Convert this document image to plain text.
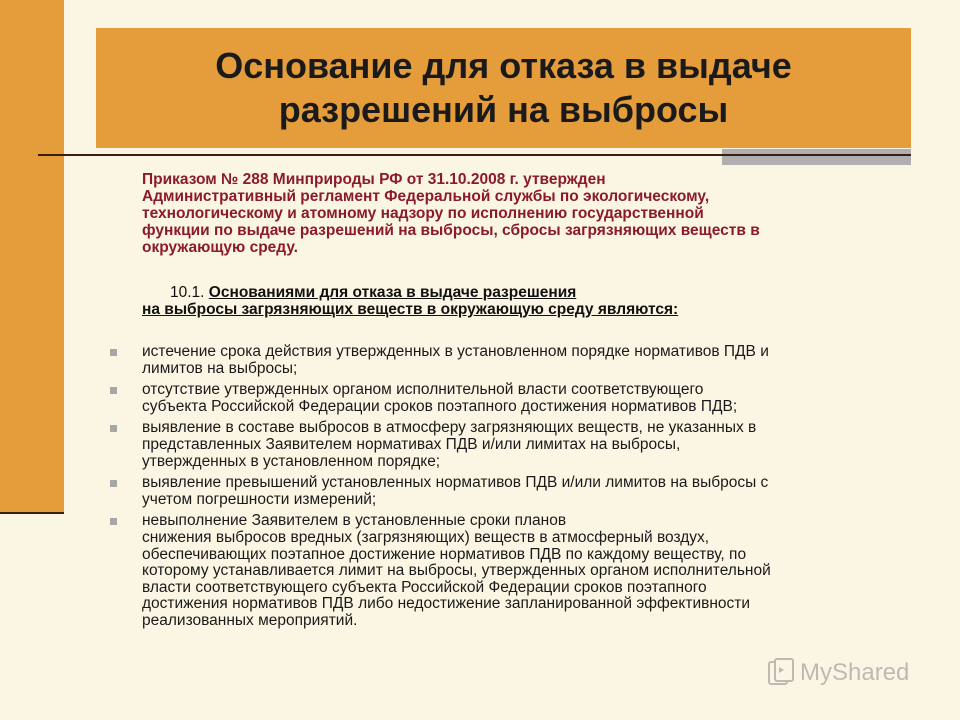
Основание для отказа в выдаче
разрешений на выбросы

Приказом № 288 Минприроды РФ от 31.10.2008 г. утвержден
Административный регламент Федеральной службы по экологическому,
технологическому и атомному надзору по исполнению государственной
функции по выдаче разрешений на выбросы, сбросы загрязняющих веществ в
окружающую среду.

10.1. Основаниями для отказа в выдаче разрешения
на выбросы загрязняющих веществ в окружающую среду являются:
истечение срока действия утвержденных в установленном порядке нормативов ПДВ и
лимитов на выбросы;
отсутствие утвержденных органом исполнительной власти соответствующего
субъекта Российской Федерации сроков поэтапного достижения нормативов ПДВ;
выявление в составе выбросов в атмосферу загрязняющих веществ, не указанных в
представленных Заявителем нормативах ПДВ и/или лимитах на выбросы,
утвержденных в установленном порядке;
выявление превышений установленных нормативов ПДВ и/или лимитов на выбросы с
учетом погрешности измерений;
невыполнение Заявителем в установленные сроки планов
снижения выбросов вредных (загрязняющих) веществ в атмосферный воздух,
обеспечивающих поэтапное достижение нормативов ПДВ по каждому веществу, по
которому устанавливается лимит на выбросы, утвержденных органом исполнительной
власти соответствующего субъекта Российской Федерации сроков поэтапного
достижения нормативов ПДВ либо недостижение запланированной эффективности
реализованных мероприятий.
MyShared
